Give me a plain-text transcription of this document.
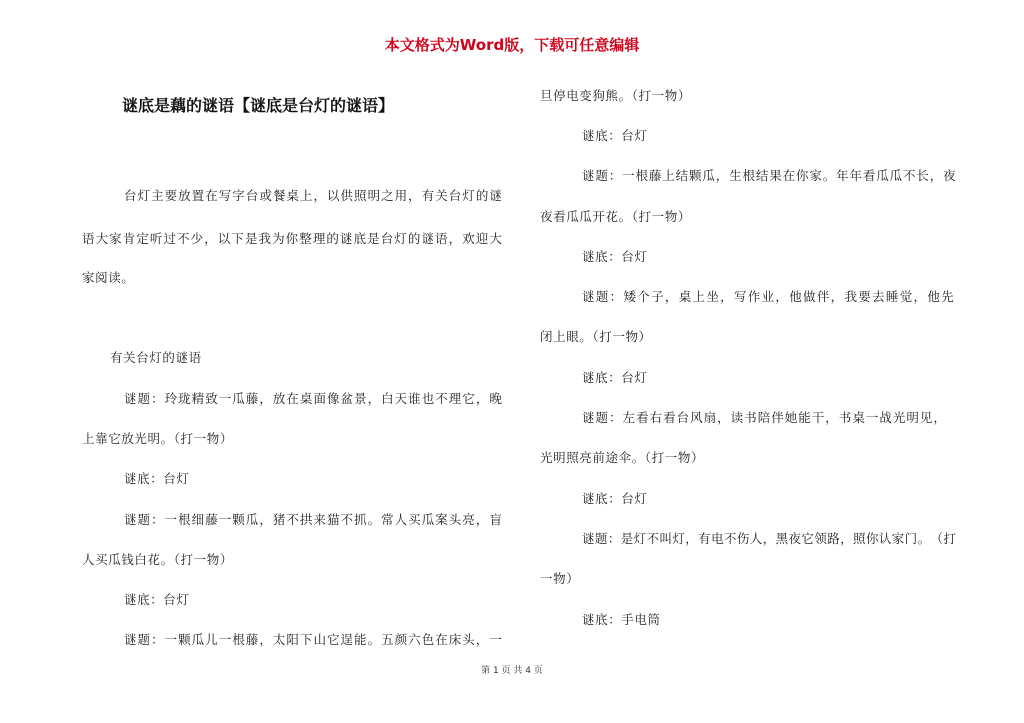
本文格式为Word版，下载可任意编辑
谜底是藕的谜语【谜底是台灯的谜语】
台 灯 主 要 放 置 在 写 字 台 或 餐 桌 上 ， 以 供 照 明 之 用 ， 有 关 台 灯 的 谜
语 大 家 肯 定 听 过 不 少 ， 以 下 是 我 为 你 整 理 的 谜 底 是 台 灯 的 谜 语 ， 欢 迎 大
家阅读。
有关台灯的谜语
谜 题 ： 玲 珑 精 致 一 瓜 藤 ， 放 在 桌 面 像 盆 景 ， 白 天 谁 也 不 理 它 ， 晚
上靠它放光明。（打一物）
谜底：台灯
谜 题 ： 一 根 细 藤 一 颗 瓜 ， 猪 不 拱 来 猫 不 抓 。 常 人 买 瓜 案 头 亮 ， 盲
人买瓜钱白花。（打一物）
谜底：台灯
谜 题 ： 一 颗 瓜 儿 一 根 藤 ， 太 阳 下 山 它 逞 能 。 五 颜 六 色 在 床 头 ， 一
旦停电变狗熊。（打一物）
谜底：台灯
谜 题 ： 一 根 藤 上 结 颗 瓜 ， 生 根 结 果 在 你 家 。 年 年 看 瓜 瓜 不 长 ， 夜
夜看瓜瓜开花。（打一物）
谜底：台灯
谜 题 ： 矮 个 子 ， 桌 上 坐 ， 写 作 业 ， 他 做 伴 ， 我 要 去 睡 觉 ， 他 先
闭上眼。（打一物）
谜底：台灯
谜 题 ： 左 看 右 看 台 风 扇 ， 读 书 陪 伴 她 能 干 ， 书 桌 一 战 光 明 见 ，
光明照亮前途伞。（打一物）
谜底：台灯
谜 题 ： 是 灯 不 叫 灯 ， 有 电 不 伤 人 ， 黑 夜 它 领 路 ， 照 你 认 家 门 。 （ 打
一物）
谜底：手电筒
第 1 页 共 4 页
